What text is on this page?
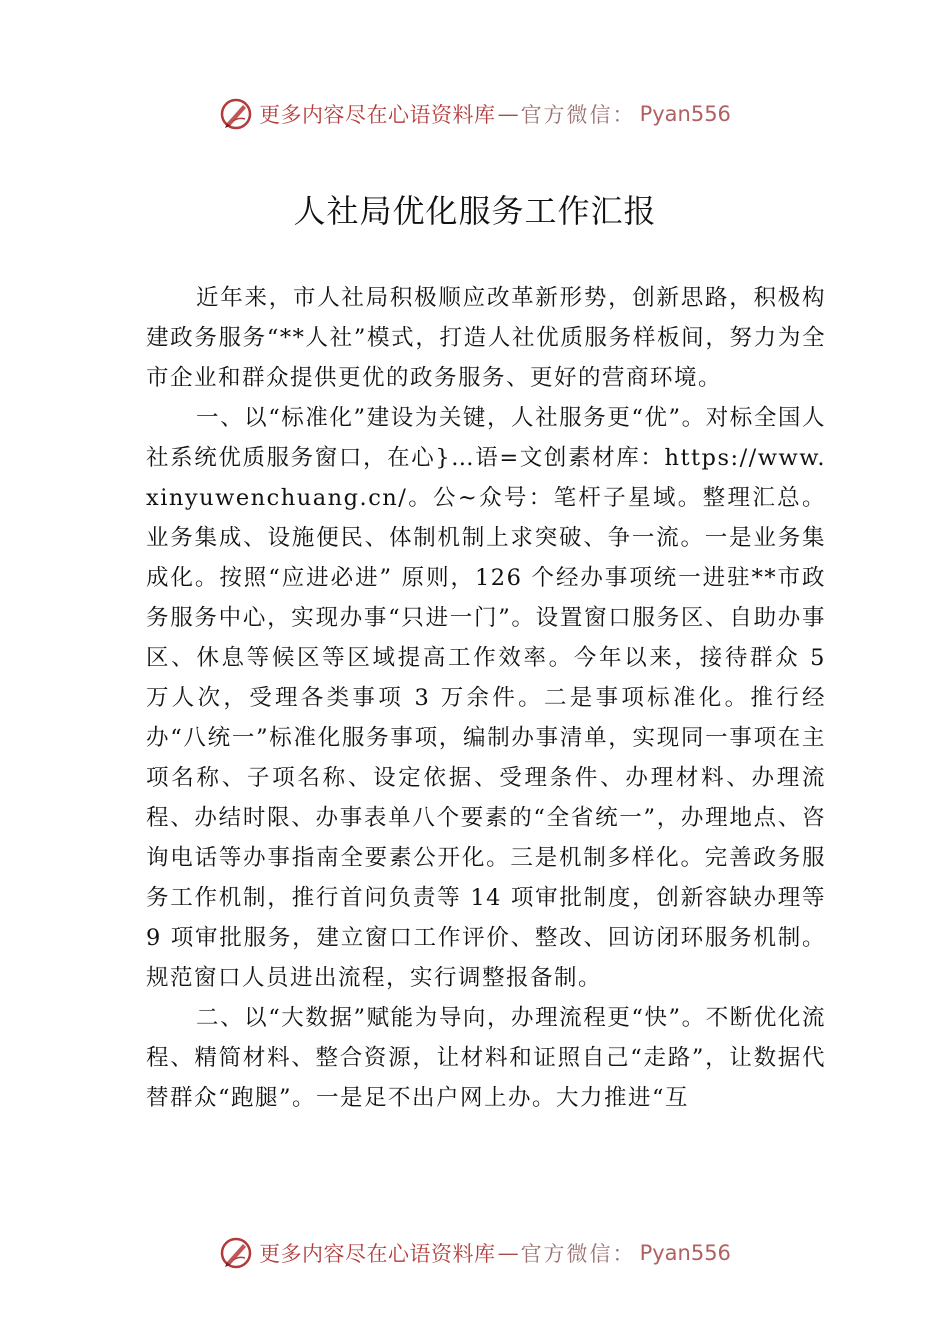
更多内容尽在心语资料库 — 官方微信： Pyan556
人社局优化服务工作汇报

近年来，市人社局积极顺应改革新形势，创新思路，积极构建政务服务“**人社”模式，打造人社优质服务样板间，努力为全市企业和群众提供更优的政务服务、更好的营商环境。

一、以“标准化”建设为关键，人社服务更“优”。对标全国人社系统优质服务窗口，在心}…语=文创素材库：https://www.xinyuwenchuang.cn/。公~众号：笔杆子星域。整理汇总。业务集成、设施便民、体制机制上求突破、争一流。一是业务集成化。按照“应进必进” 原则，126 个经办事项统一进驻**市政务服务中心，实现办事“只进一门”。设置窗口服务区、自助办事区、休息等候区等区域提高工作效率。今年以来，接待群众 5 万人次，受理各类事项 3 万余件。二是事项标准化。推行经办“八统一”标准化服务事项，编制办事清单，实现同一事项在主项名称、子项名称、设定依据、受理条件、办理材料、办理流程、办结时限、办事表单八个要素的“全省统一”，办理地点、咨询电话等办事指南全要素公开化。三是机制多样化。完善政务服务工作机制，推行首问负责等 14 项审批制度，创新容缺办理等 9 项审批服务，建立窗口工作评价、整改、回访闭环服务机制。规范窗口人员进出流程，实行调整报备制。

二、以“大数据”赋能为导向，办理流程更“快”。不断优化流程、精简材料、整合资源，让材料和证照自己“走路”，让数据代替群众“跑腿”。一是足不出户网上办。大力推进“互

更多内容尽在心语资料库 — 官方微信： Pyan556
